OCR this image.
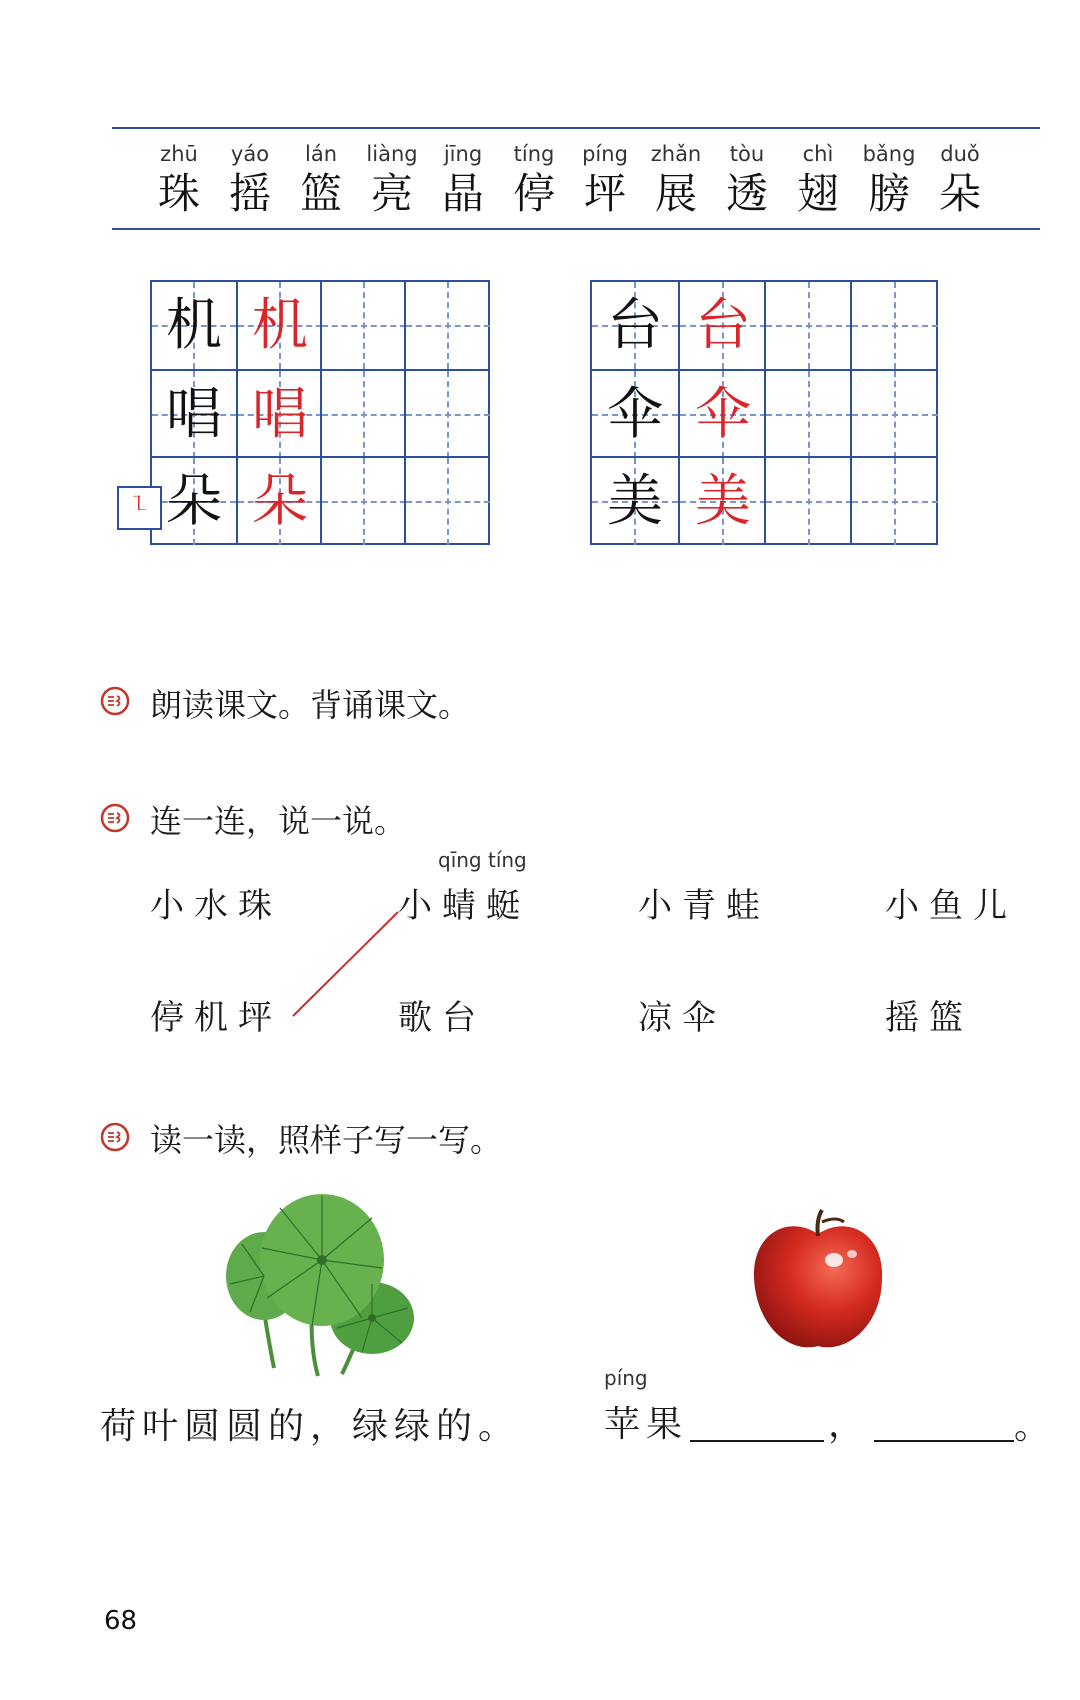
zhū
珠
yáo
摇
lán
篮
liàng
亮
jīng
晶
tíng
停
píng
坪
zhǎn
展
tòu
透
chì
翅
bǎng
膀
duǒ
朵
机 机
唱 唱
朵 朵
台 台
伞 伞
美 美
㇅
朗读课文。背诵课文。
连一连，说一说。
qīng tíng
小水珠	小蜻蜓	小青蛙	小鱼儿
停机坪	歌台	凉伞	摇篮
读一读，照样子写一写。
荷叶圆圆的，绿绿的。
píng
苹果	，	。
68
